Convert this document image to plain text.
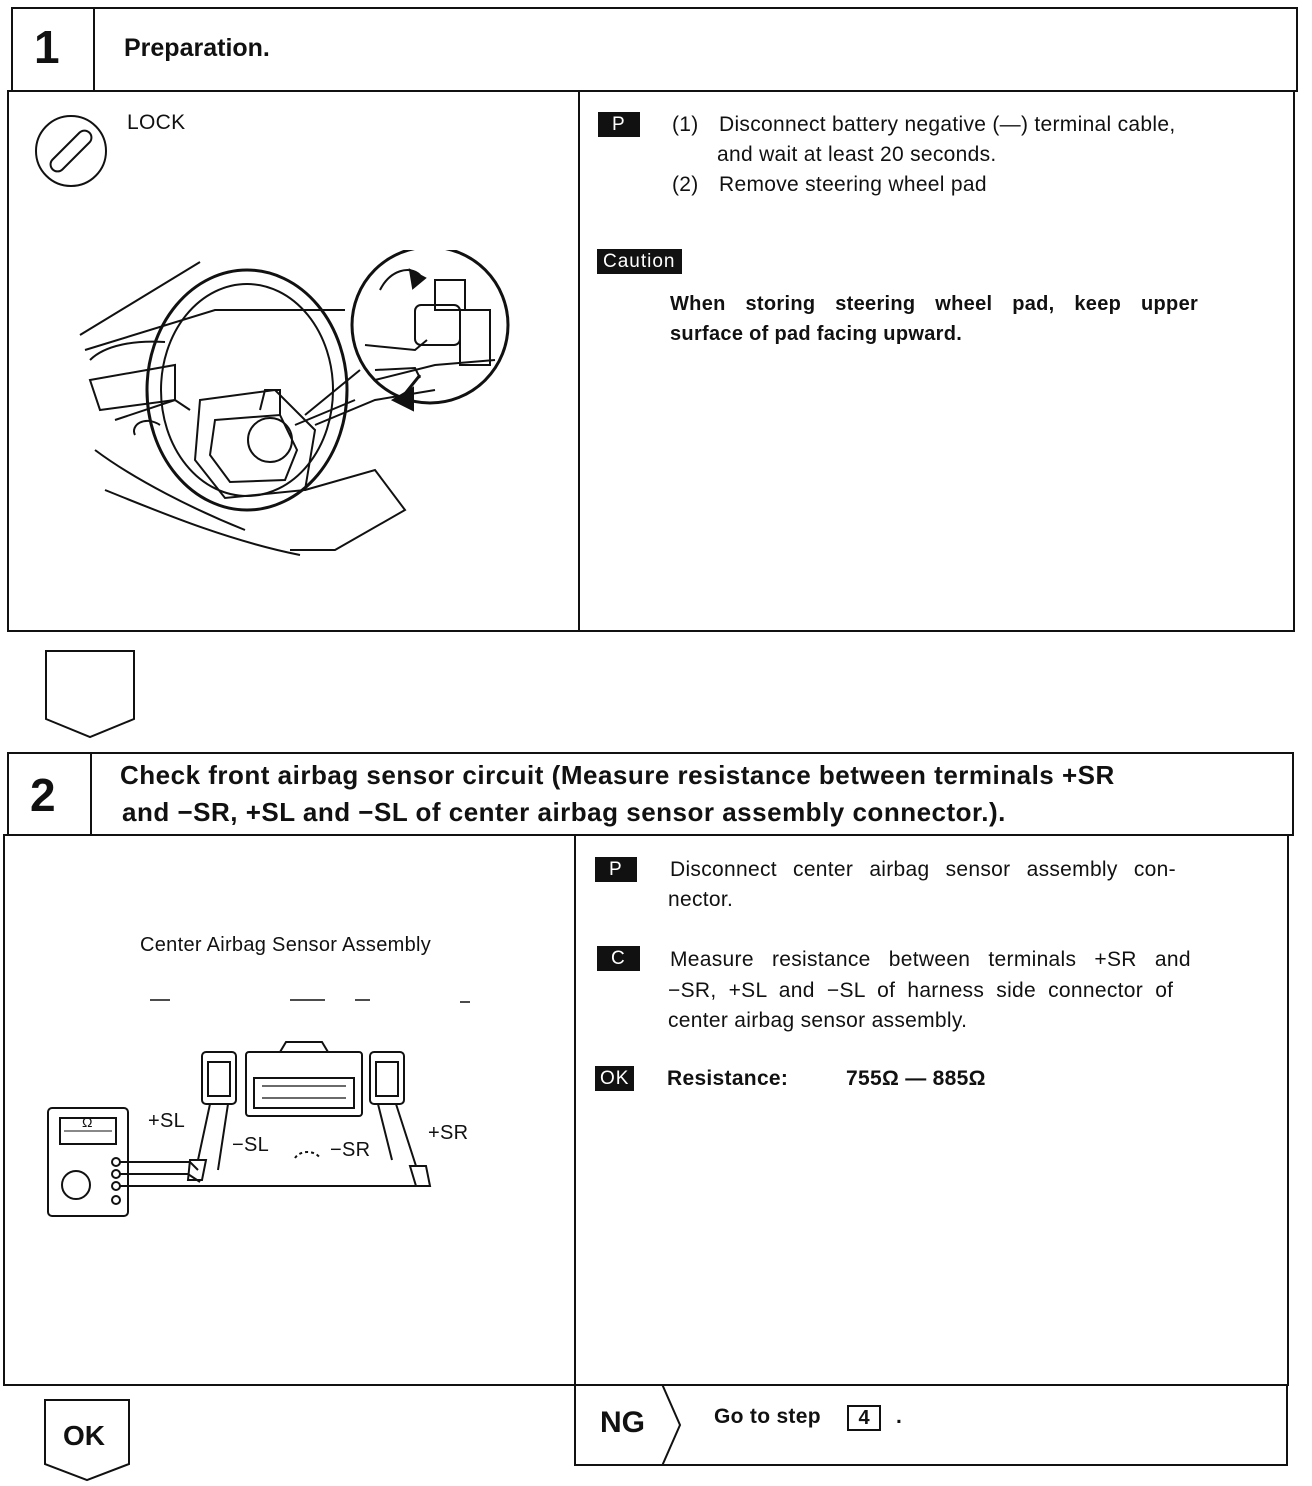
1	Preparation.
LOCK	P	(1) Disconnect battery negative (—) terminal cable,
and wait at least 20 seconds.
(2) Remove steering wheel pad
Caution
When storing steering wheel pad, keep upper
surface of pad facing upward.
2 Check front airbag sensor circuit (Measure resistance between terminals +SR
and −SR, +SL and −SL of center airbag sensor assembly connector.).
Center Airbag Sensor Assembly
+SL
−SL	−SR
+SR
Ω
P	Disconnect center airbag sensor assembly con-
nector.
C	Measure resistance between terminals +SR and
−SR, +SL and −SL of harness side connector of
center airbag sensor assembly.
OK Resistance:	755Ω — 885Ω
OK	NG	Go to step	4	.
